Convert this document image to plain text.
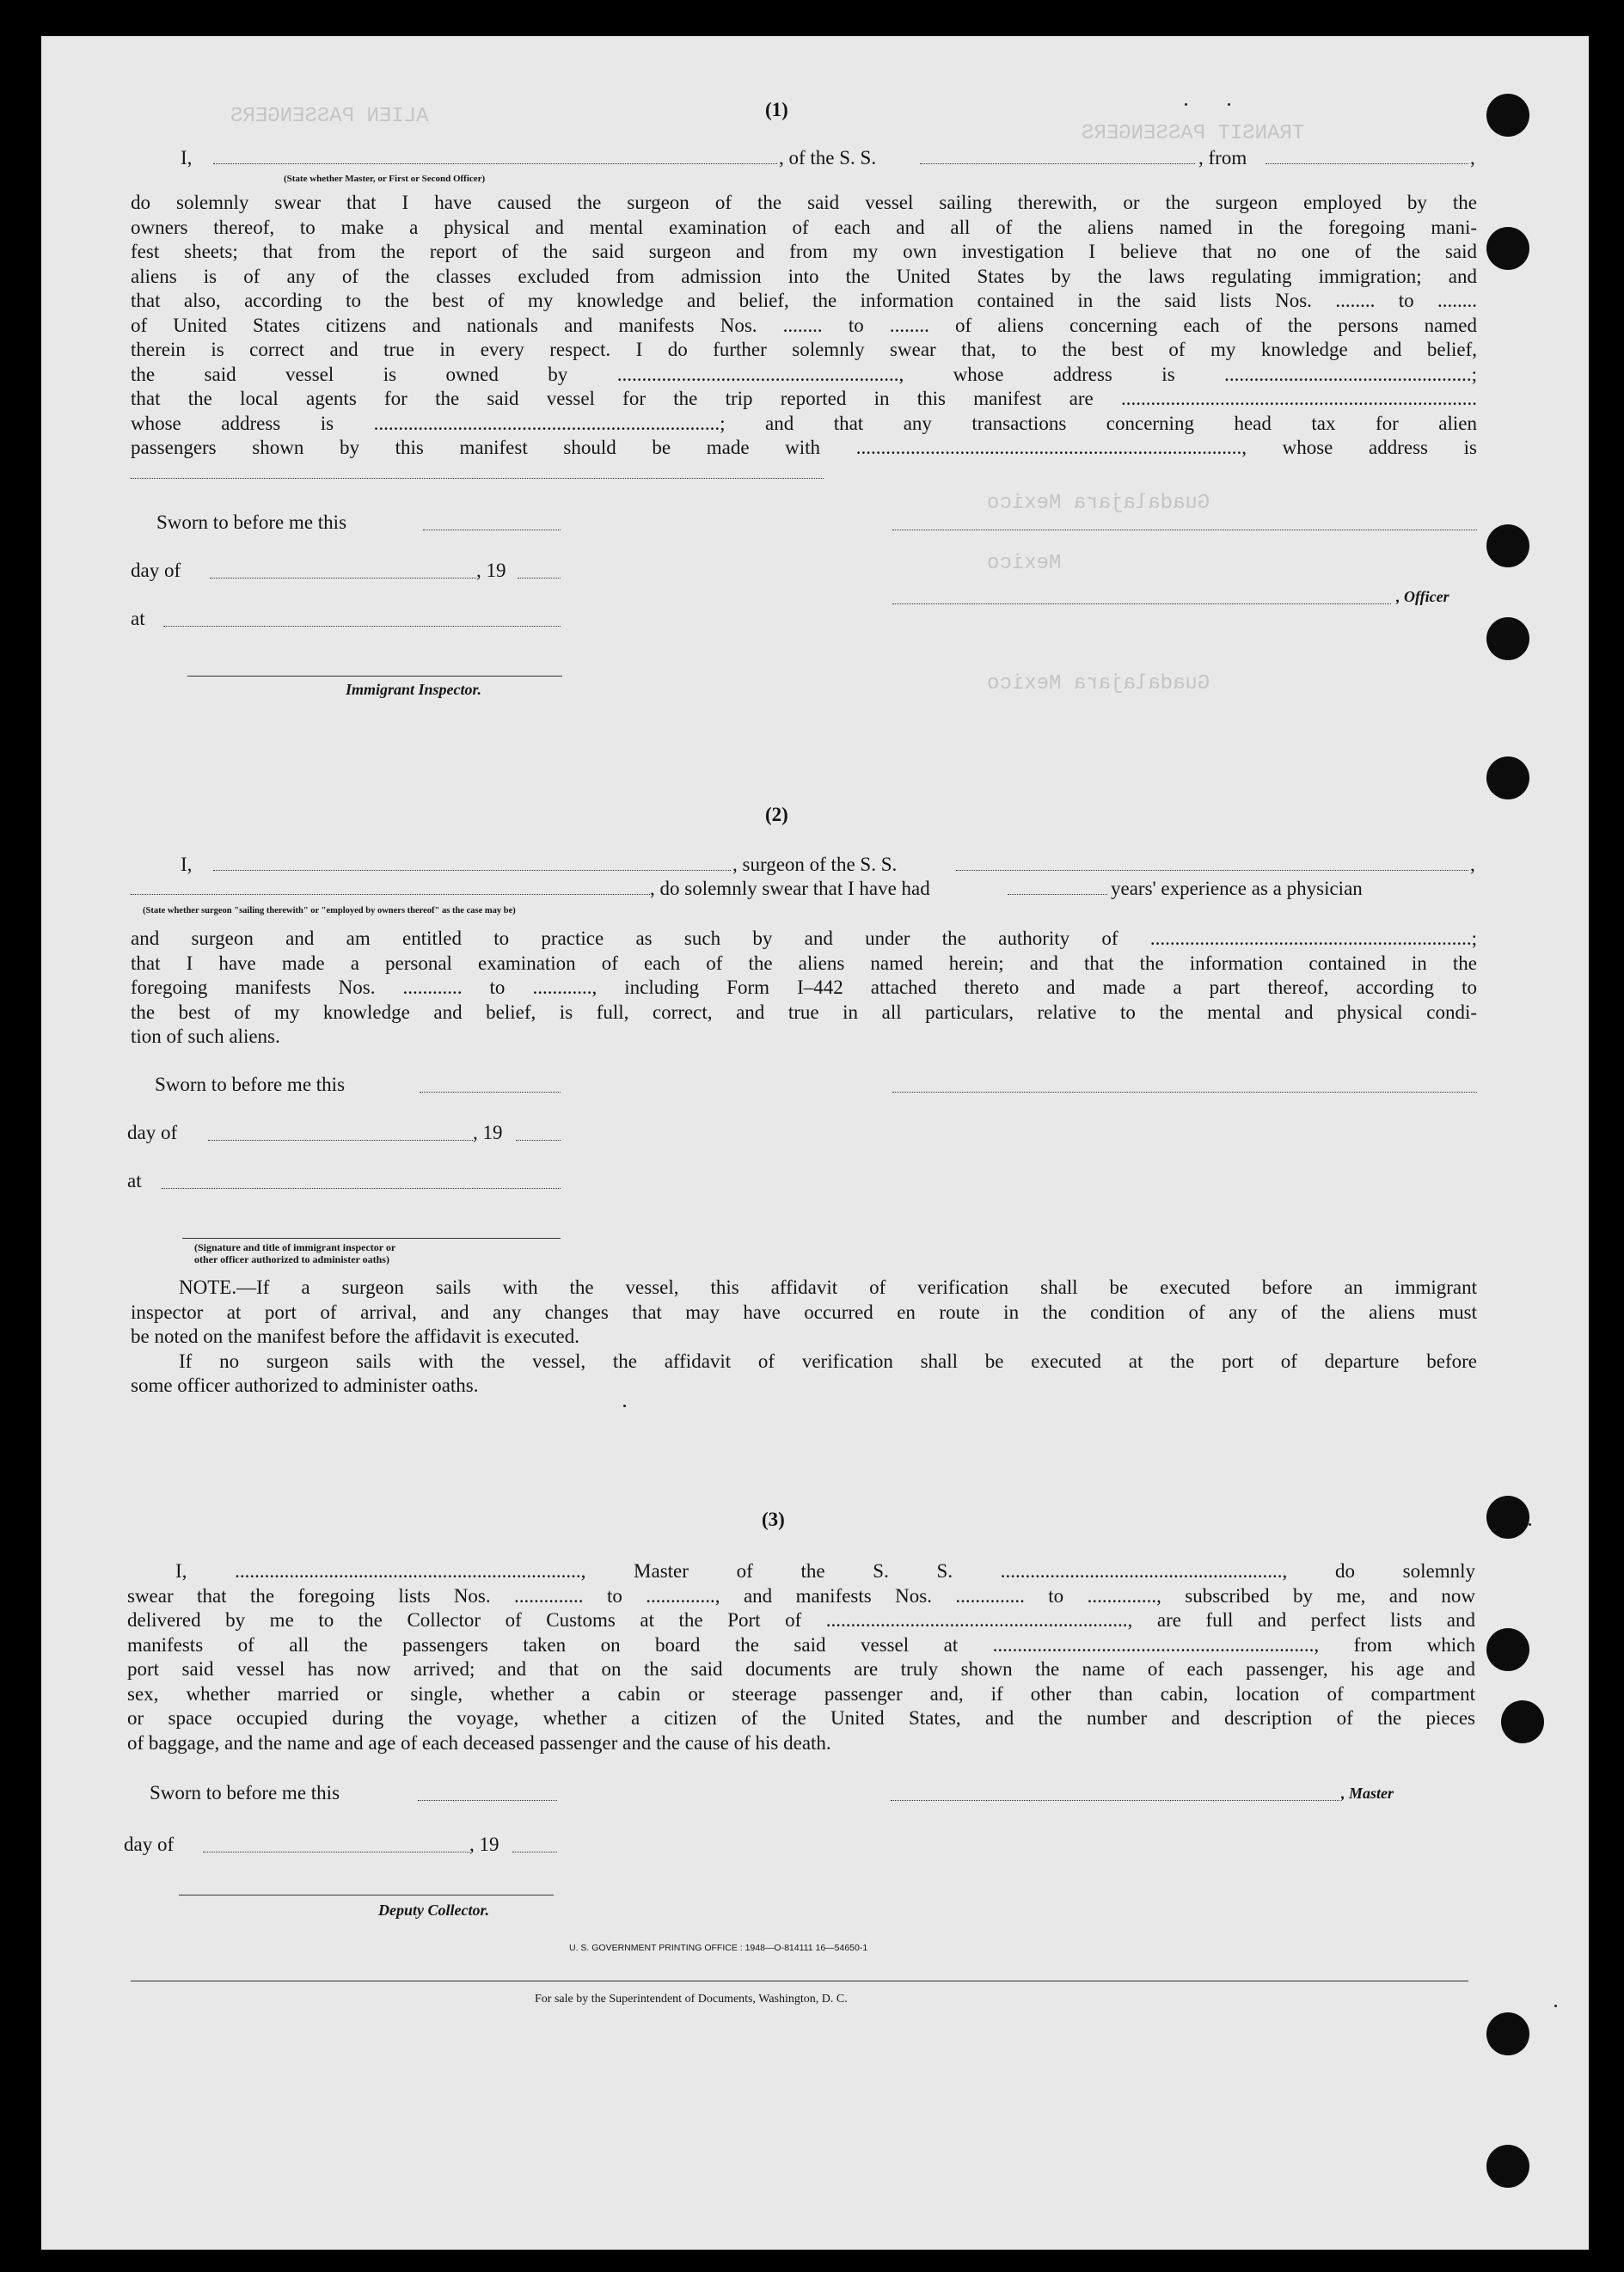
TRANSIT PASSENGERS
ALIEN PASSENGERS
Guadalajara Mexico
Mexico
Guadalajara Mexico
(1)
I,	, of the S. S.	, from	,
(State whether Master, or First or Second Officer)
do solemnly swear that I have caused the surgeon of the said vessel sailing therewith, or the surgeon employed by the
owners thereof, to make a physical and mental examination of each and all of the aliens named in the foregoing mani-
fest sheets; that from the report of the said surgeon and from my own investigation I believe that no one of the said
aliens is of any of the classes excluded from admission into the United States by the laws regulating immigration; and
that also, according to the best of my knowledge and belief, the information contained in the said lists Nos. ........ to ........
of United States citizens and nationals and manifests Nos. ........ to ........ of aliens concerning each of the persons named
therein is correct and true in every respect. I do further solemnly swear that, to the best of my knowledge and belief,
the said vessel is owned by ........................................................., whose address is ..................................................;
that the local agents for the said vessel for the trip reported in this manifest are ........................................................................
whose address is ......................................................................; and that any transactions concerning head tax for alien
passengers shown by this manifest should be made with .............................................................................., whose address is
Sworn to before me this
day of	, 19
, Officer
at
Immigrant Inspector.
(2)
I,	, surgeon of the S. S.	,
, do solemnly swear that I have had	years' experience as a physician
(State whether surgeon "sailing therewith" or "employed by owners thereof" as the case may be)
and surgeon and am entitled to practice as such by and under the authority of .................................................................;
that I have made a personal examination of each of the aliens named herein; and that the information contained in the
foregoing manifests Nos. ............ to ............, including Form I–442 attached thereto and made a part thereof, according to
the best of my knowledge and belief, is full, correct, and true in all particulars, relative to the mental and physical condi-
tion of such aliens.
Sworn to before me this
day of	, 19
at
(Signature and title of immigrant inspector or
other officer authorized to administer oaths)
NOTE.—If a surgeon sails with the vessel, this affidavit of verification shall be executed before an immigrant
inspector at port of arrival, and any changes that may have occurred en route in the condition of any of the aliens must
be noted on the manifest before the affidavit is executed.
If no surgeon sails with the vessel, the affidavit of verification shall be executed at the port of departure before
some officer authorized to administer oaths.
(3)
I, ......................................................................, Master of the S. S. ........................................................., do solemnly
swear that the foregoing lists Nos. .............. to .............., and manifests Nos. .............. to .............., subscribed by me, and now
delivered by me to the Collector of Customs at the Port of ............................................................., are full and perfect lists and
manifests of all the passengers taken on board the said vessel at ................................................................., from which
port said vessel has now arrived; and that on the said documents are truly shown the name of each passenger, his age and
sex, whether married or single, whether a cabin or steerage passenger and, if other than cabin, location of compartment
or space occupied during the voyage, whether a citizen of the United States, and the number and description of the pieces
of baggage, and the name and age of each deceased passenger and the cause of his death.
Sworn to before me this	, Master
day of	, 19
Deputy Collector.
U. S. GOVERNMENT PRINTING OFFICE : 1948—O-814111 16—54650-1
For sale by the Superintendent of Documents, Washington, D. C.
